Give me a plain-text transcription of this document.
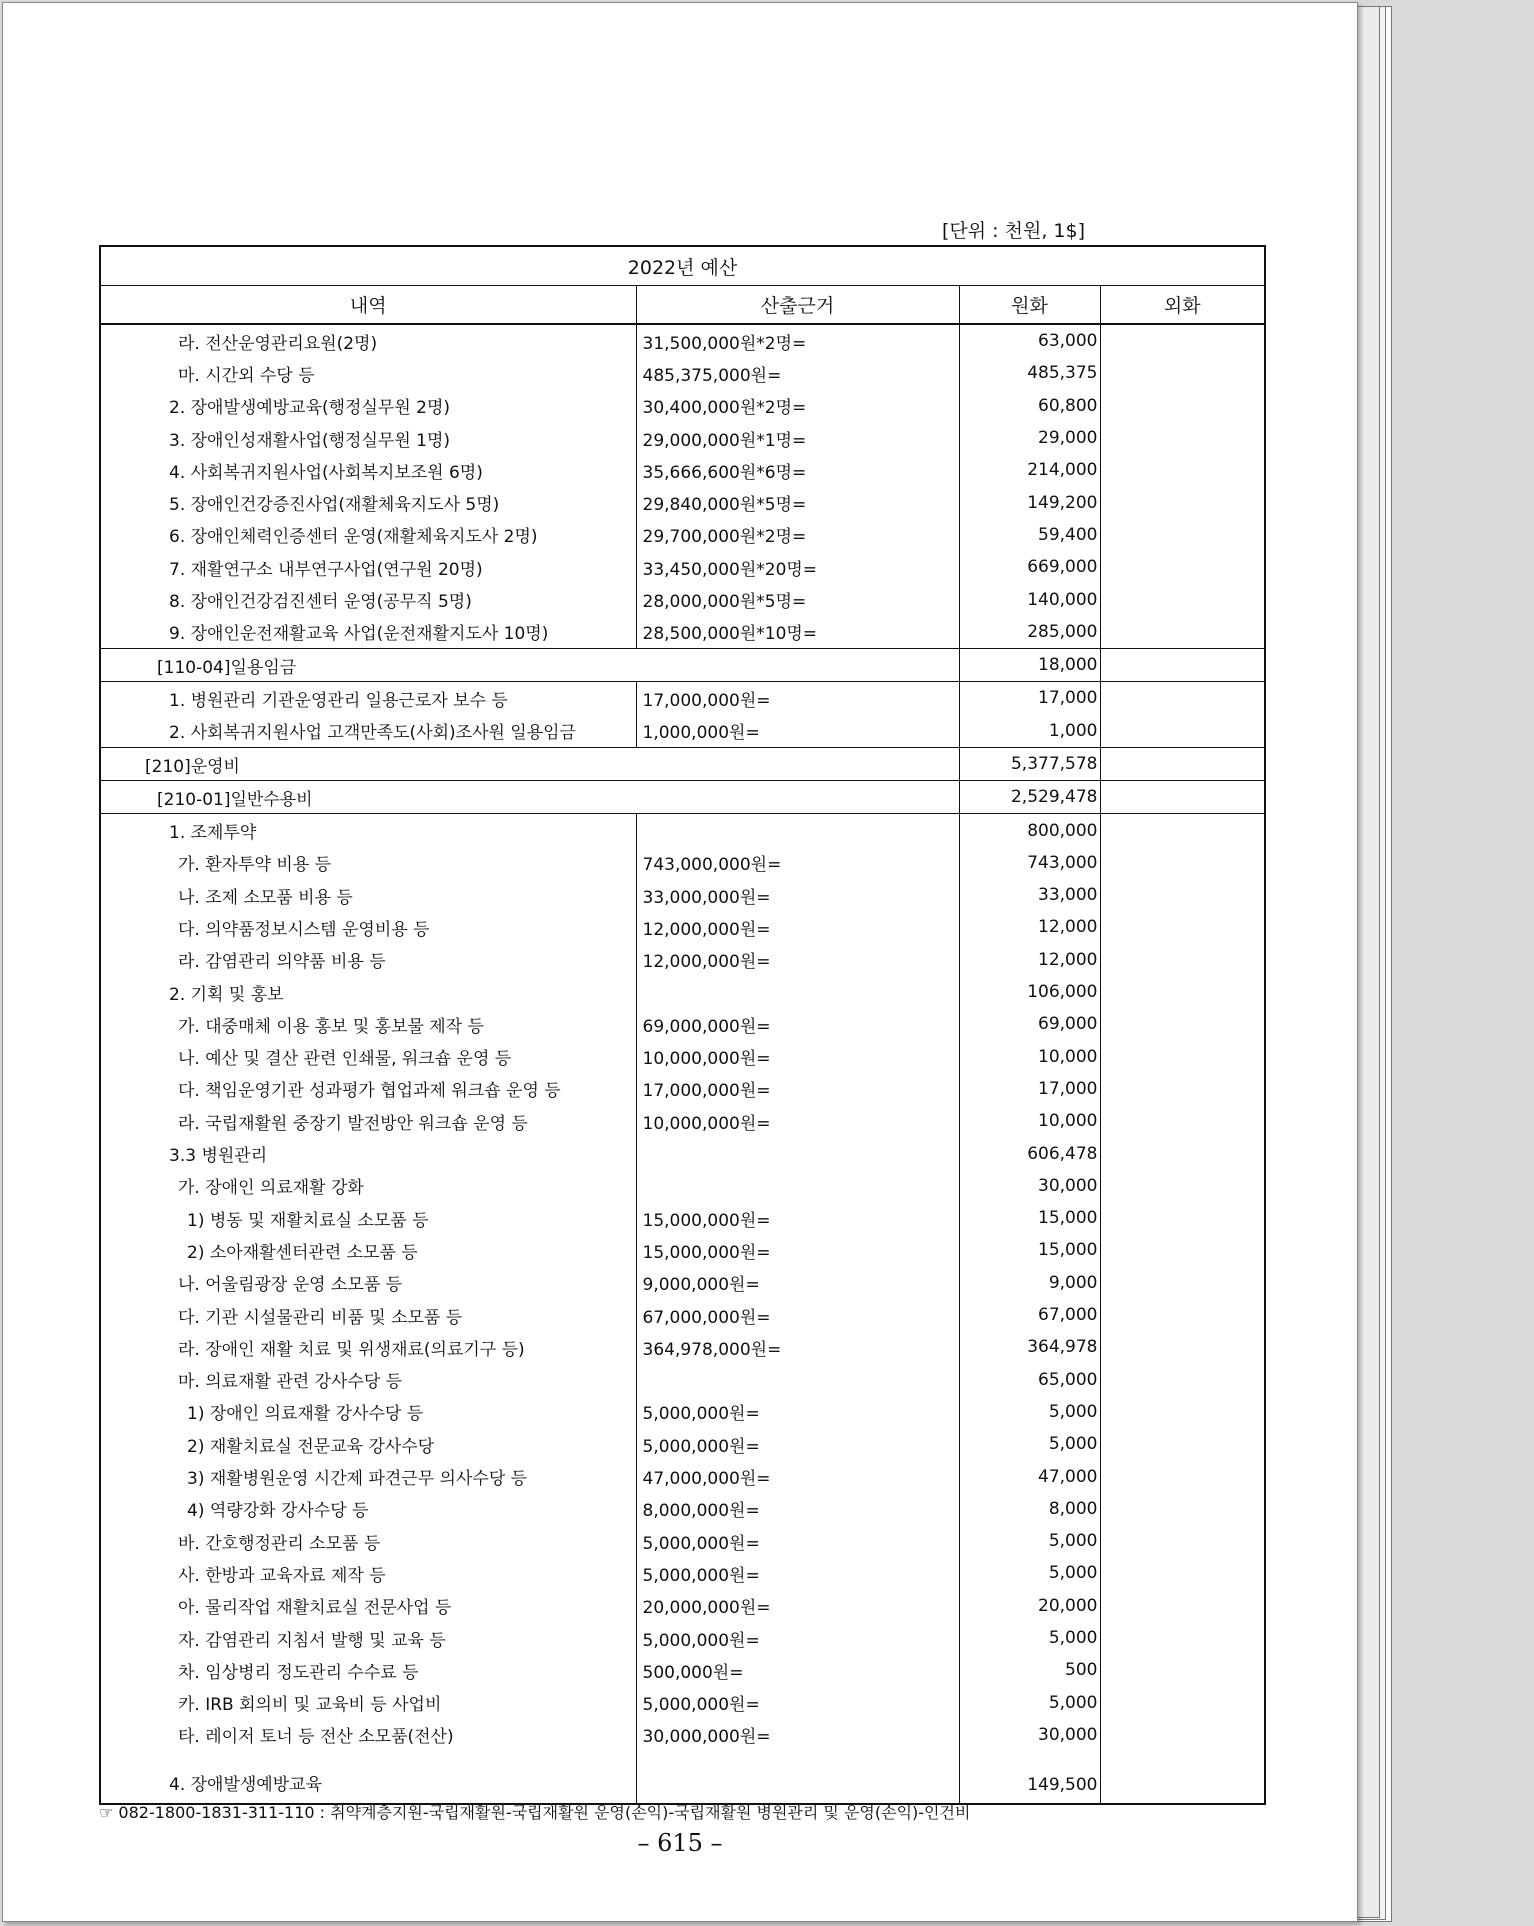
[단위 : 천원, 1$]
2022년 예산			
내역	산출근거	원화	외화
라. 전산운영관리요원(2명)	31,500,000원*2명=	63,000	
마. 시간외 수당 등	485,375,000원=	485,375	
2. 장애발생예방교육(행정실무원 2명)	30,400,000원*2명=	60,800	
3. 장애인성재활사업(행정실무원 1명)	29,000,000원*1명=	29,000	
4. 사회복귀지원사업(사회복지보조원 6명)	35,666,600원*6명=	214,000	
5. 장애인건강증진사업(재활체육지도사 5명)	29,840,000원*5명=	149,200	
6. 장애인체력인증센터 운영(재활체육지도사 2명)	29,700,000원*2명=	59,400	
7. 재활연구소 내부연구사업(연구원 20명)	33,450,000원*20명=	669,000	
8. 장애인건강검진센터 운영(공무직 5명)	28,000,000원*5명=	140,000	
9. 장애인운전재활교육 사업(운전재활지도사 10명)	28,500,000원*10명=	285,000	
[110-04]일용임금		18,000	
1. 병원관리 기관운영관리 일용근로자 보수 등	17,000,000원=	17,000	
2. 사회복귀지원사업 고객만족도(사회)조사원 일용임금	1,000,000원=	1,000	
[210]운영비		5,377,578	
[210-01]일반수용비		2,529,478	
1. 조제투약		800,000	
가. 환자투약 비용 등	743,000,000원=	743,000	
나. 조제 소모품 비용 등	33,000,000원=	33,000	
다. 의약품정보시스템 운영비용 등	12,000,000원=	12,000	
라. 감염관리 의약품 비용 등	12,000,000원=	12,000	
2. 기획 및 홍보		106,000	
가. 대중매체 이용 홍보 및 홍보물 제작 등	69,000,000원=	69,000	
나. 예산 및 결산 관련 인쇄물, 워크숍 운영 등	10,000,000원=	10,000	
다. 책임운영기관 성과평가 협업과제 워크숍 운영 등	17,000,000원=	17,000	
라. 국립재활원 중장기 발전방안 워크숍 운영 등	10,000,000원=	10,000	
3.3 병원관리		606,478	
가. 장애인 의료재활 강화		30,000	
1) 병동 및 재활치료실 소모품 등	15,000,000원=	15,000	
2) 소아재활센터관련 소모품 등	15,000,000원=	15,000	
나. 어울림광장 운영 소모품 등	9,000,000원=	9,000	
다. 기관 시설물관리 비품 및 소모품 등	67,000,000원=	67,000	
라. 장애인 재활 치료 및 위생재료(의료기구 등)	364,978,000원=	364,978	
마. 의료재활 관련 강사수당 등		65,000	
1) 장애인 의료재활 강사수당 등	5,000,000원=	5,000	
2) 재활치료실 전문교육 강사수당	5,000,000원=	5,000	
3) 재활병원운영 시간제 파견근무 의사수당 등	47,000,000원=	47,000	
4) 역량강화 강사수당 등	8,000,000원=	8,000	
바. 간호행정관리 소모품 등	5,000,000원=	5,000	
사. 한방과 교육자료 제작 등	5,000,000원=	5,000	
아. 물리작업 재활치료실 전문사업 등	20,000,000원=	20,000	
자. 감염관리 지침서 발행 및 교육 등	5,000,000원=	5,000	
차. 임상병리 정도관리 수수료 등	500,000원=	500	
카. IRB 회의비 및 교육비 등 사업비	5,000,000원=	5,000	
타. 레이저 토너 등 전산 소모품(전산)	30,000,000원=	30,000	
4. 장애발생예방교육		149,500	
☞ 082-1800-1831-311-110 : 취약계층지원-국립재활원-국립재활원 운영(손익)-국립재활원 병원관리 및 운영(손익)-인건비
– 615 –
